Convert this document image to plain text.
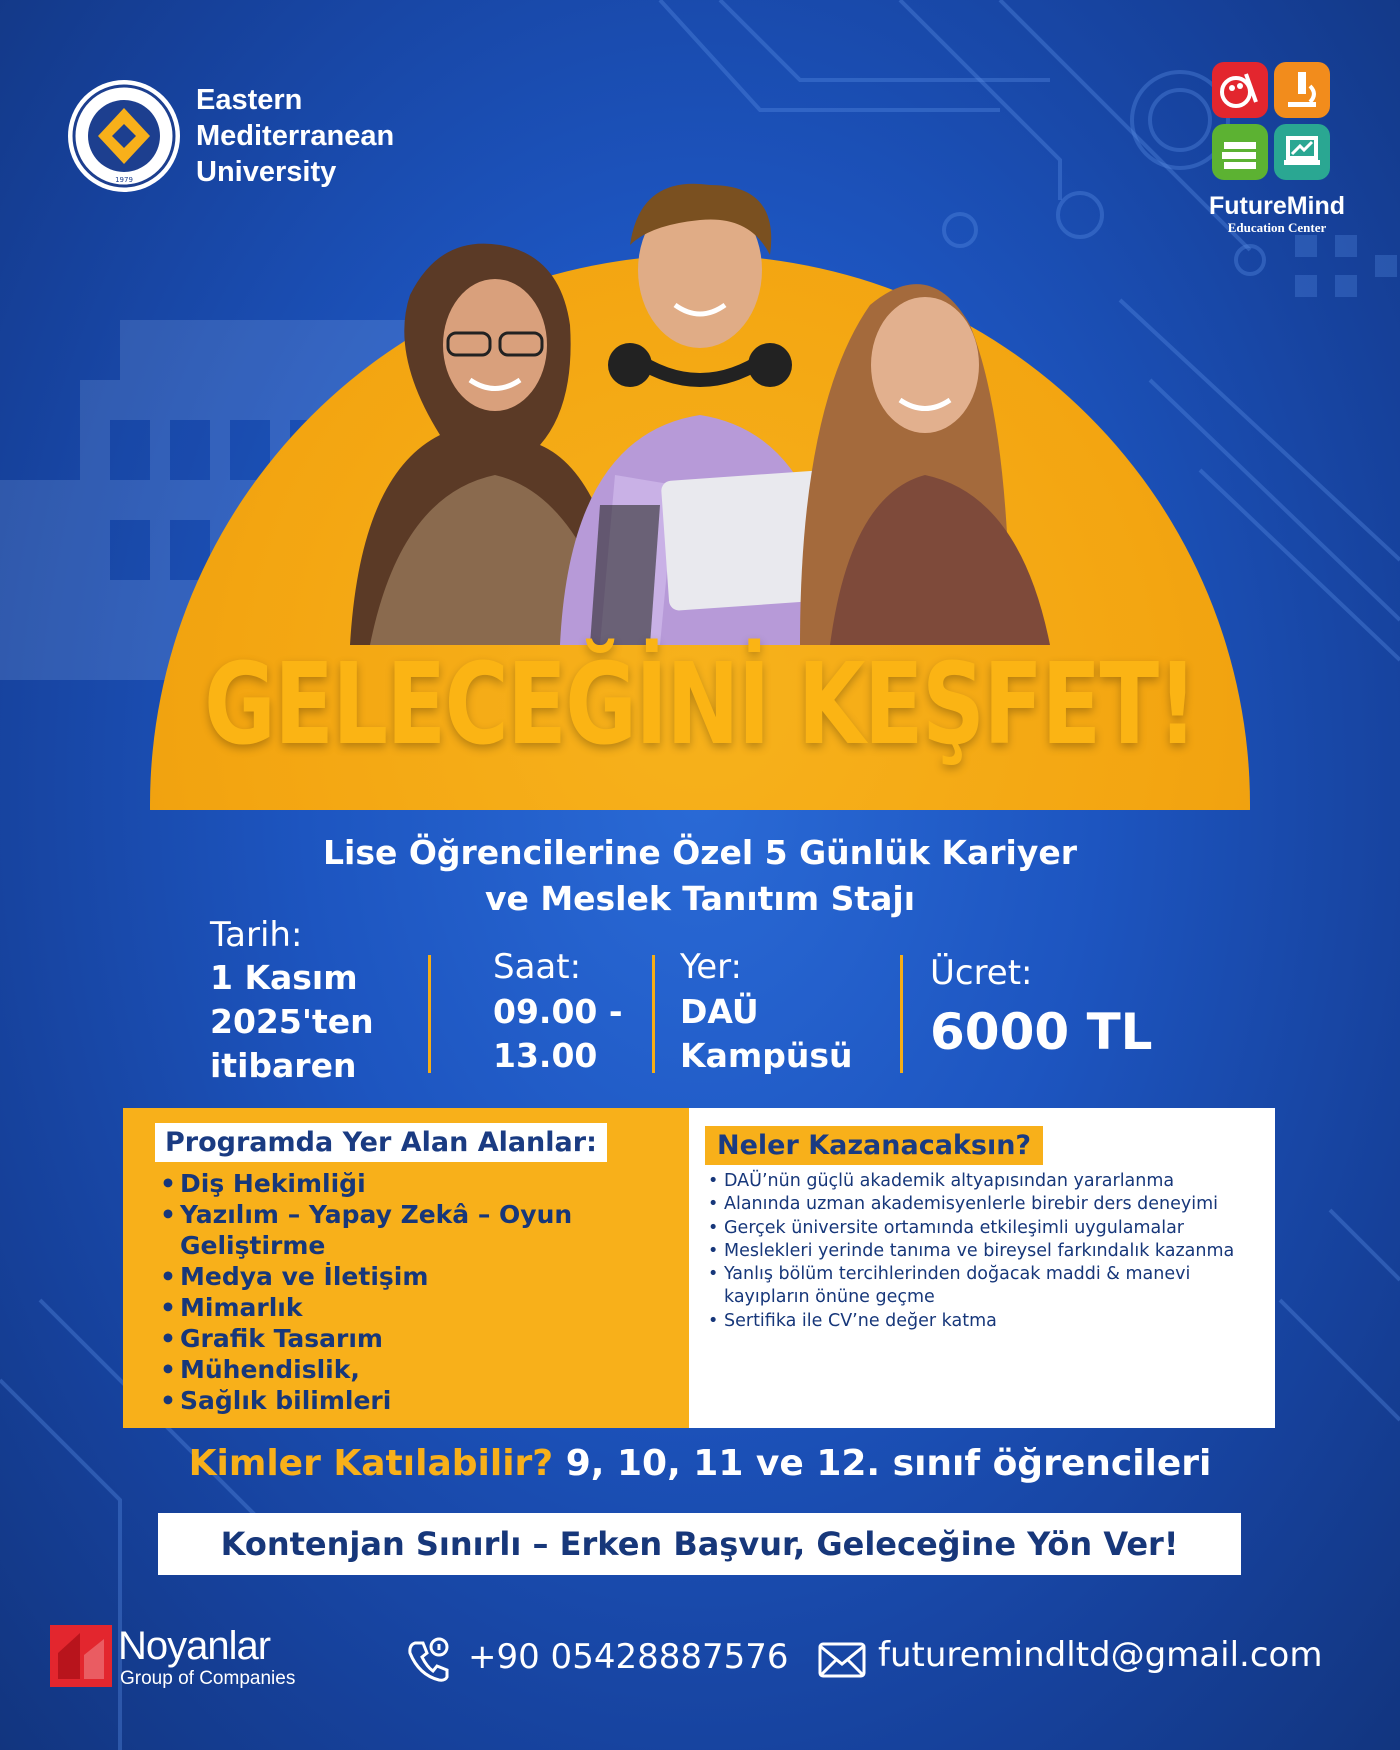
1979
Eastern
Mediterranean
University
FutureMind
Education Center
GELECEĞİNİ KEŞFET!
Lise Öğrencilerine Özel 5 Günlük Kariyer
ve Meslek Tanıtım Stajı
Tarih:
1 Kasım
2025'ten
itibaren
Saat:
09.00 -
13.00
Yer:
DAÜ
Kampüsü
Ücret:
6000 TL
Programda Yer Alan Alanlar:
• Diş Hekimliği
• Yazılım – Yapay Zekâ – Oyun Geliştirme
• Medya ve İletişim
• Mimarlık
• Grafik Tasarım
• Mühendislik,
• Sağlık bilimleri
Neler Kazanacaksın?
• DAÜ’nün güçlü akademik altyapısından yararlanma
• Alanında uzman akademisyenlerle birebir ders deneyimi
• Gerçek üniversite ortamında etkileşimli uygulamalar
• Meslekleri yerinde tanıma ve bireysel farkındalık kazanma
• Yanlış bölüm tercihlerinden doğacak maddi & manevi kayıpların önüne geçme
• Sertifika ile CV’ne değer katma
Kimler Katılabilir? 9, 10, 11 ve 12. sınıf öğrencileri
Kontenjan Sınırlı – Erken Başvur, Geleceğine Yön Ver!
Noyanlar
Group of Companies
+90 05428887576	futuremindltd@gmail.com
